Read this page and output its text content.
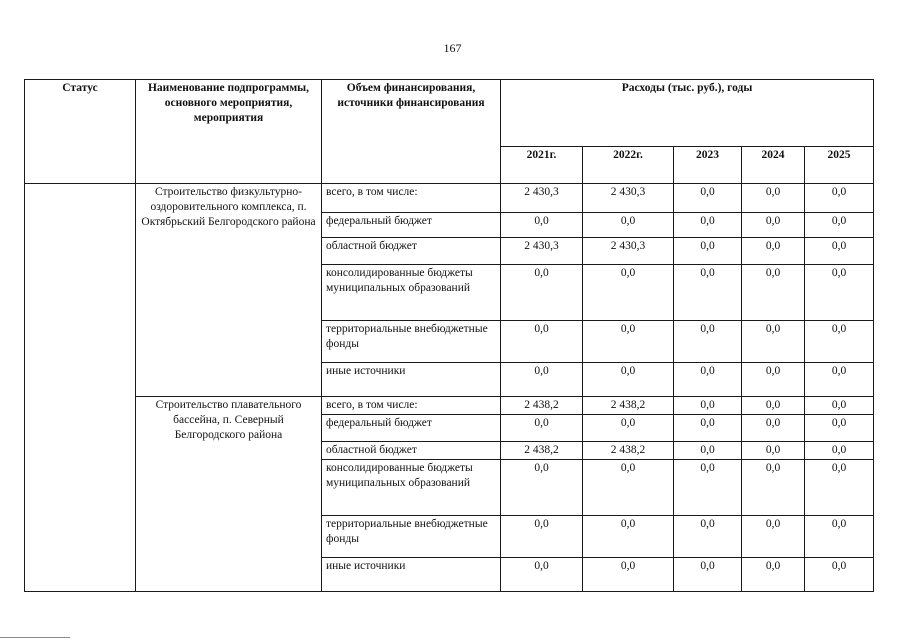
167
Статус	Наименование подпрограммы, основного мероприятия, мероприятия	Объем финансирования, источники финансирования	Расходы (тыс. руб.), годы				
			2021г.	2022г.	2023	2024	2025
	Строительство физкультурно-оздоровительного комплекса, п. Октябрьский Белгородского района	всего, в том числе:	2 430,3	2 430,3	0,0	0,0	0,0
		федеральный бюджет	0,0	0,0	0,0	0,0	0,0
		областной бюджет	2 430,3	2 430,3	0,0	0,0	0,0
		консолидированные бюджеты муниципальных образований	0,0	0,0	0,0	0,0	0,0
		территориальные внебюджетные фонды	0,0	0,0	0,0	0,0	0,0
		иные источники	0,0	0,0	0,0	0,0	0,0
	Строительство плавательного бассейна, п. Северный Белгородского района	всего, в том числе:	2 438,2	2 438,2	0,0	0,0	0,0
		федеральный бюджет	0,0	0,0	0,0	0,0	0,0
		областной бюджет	2 438,2	2 438,2	0,0	0,0	0,0
		консолидированные бюджеты муниципальных образований	0,0	0,0	0,0	0,0	0,0
		территориальные внебюджетные фонды	0,0	0,0	0,0	0,0	0,0
		иные источники	0,0	0,0	0,0	0,0	0,0
